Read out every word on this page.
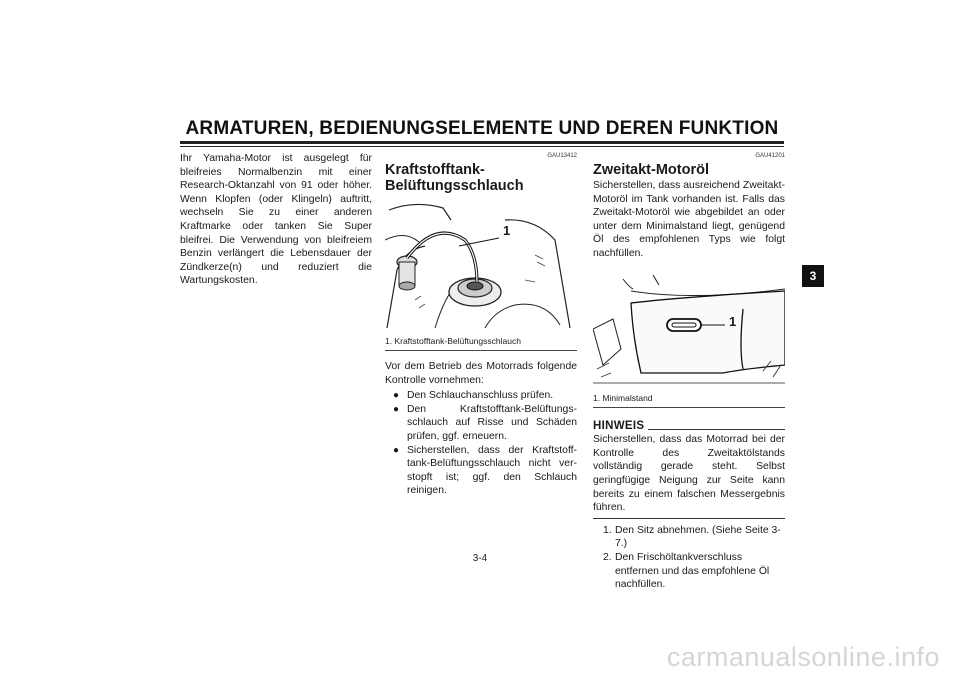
ARMATUREN, BEDIENUNGSELEMENTE UND DEREN FUNKTION
Ihr Yamaha-Motor ist ausgelegt für bleifreies Normalbenzin mit einer Research-Oktanzahl von 91 oder höher. Wenn Klopfen (oder Klingeln) auftritt, wechseln Sie zu einer anderen Kraftmarke oder tanken Sie Super bleifrei. Die Verwendung von bleifreiem Benzin verlängert die Lebensdauer der Zündkerze(n) und reduziert die Wartungskosten.
GAU13412
Kraftstofftank-
Belüftungsschlauch
1
1. Kraftstofftank-Belüftungsschlauch
Vor dem Betrieb des Motorrads folgende Kontrolle vornehmen:
● Den Schlauchanschluss prüfen.
● Den Kraftstofftank-Belüftungsschlauch auf Risse und Schäden prüfen, ggf. erneuern.
● Sicherstellen, dass der Kraftstofftank-Belüftungsschlauch nicht verstopft ist; ggf. den Schlauch reinigen.
GAU41201
Zweitakt-Motoröl
Sicherstellen, dass ausreichend Zweitakt-Motoröl im Tank vorhanden ist. Falls das Zweitakt-Motoröl wie abgebildet an oder unter dem Minimalstand liegt, genügend Öl des empfohlenen Typs wie folgt nachfüllen.
1
1. Minimalstand
HINWEIS
Sicherstellen, dass das Motorrad bei der Kontrolle des Zweitaktölstands vollständig gerade steht. Selbst geringfügige Neigung zur Seite kann bereits zu einem falschen Messergebnis führen.
1. Den Sitz abnehmen. (Siehe Seite 3-7.)
2. Den Frischöltankverschluss entfernen und das empfohlene Öl nachfüllen.
3
3-4
carmanualsonline.info
